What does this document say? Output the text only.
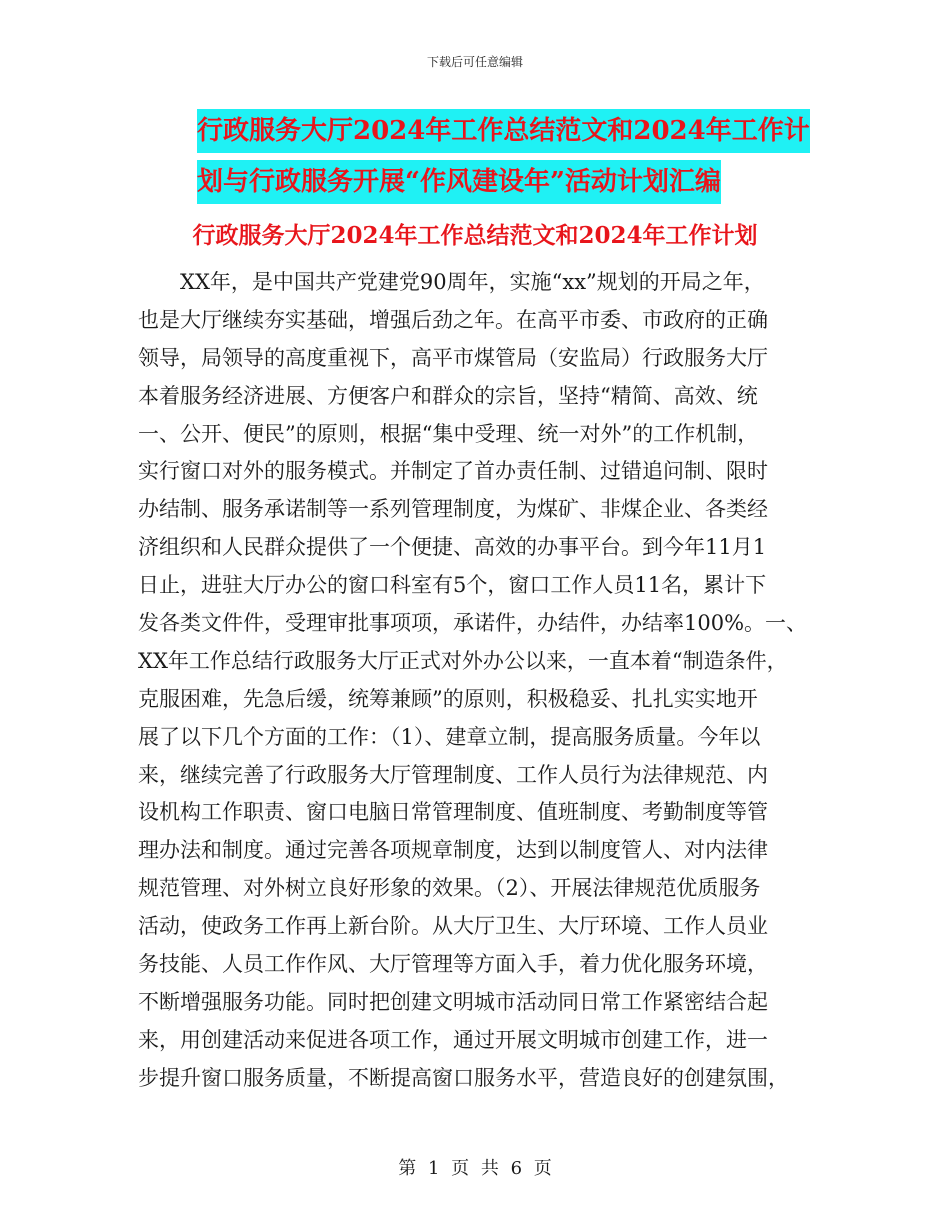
下载后可任意编辑
行政服务大厅2024年工作总结范文和2024年工作计
划与行政服务开展“作风建设年”活动计划汇编
行政服务大厅2024年工作总结范文和2024年工作计划
　　XX年，是中国共产党建党90周年，实施“xx”规划的开局之年，
也是大厅继续夯实基础，增强后劲之年。在高平市委、市政府的正确
领导，局领导的高度重视下，高平市煤管局（安监局）行政服务大厅
本着服务经济进展、方便客户和群众的宗旨，坚持“精简、高效、统
一、公开、便民”的原则，根据“集中受理、统一对外”的工作机制，
实行窗口对外的服务模式。并制定了首办责任制、过错追问制、限时
办结制、服务承诺制等一系列管理制度，为煤矿、非煤企业、各类经
济组织和人民群众提供了一个便捷、高效的办事平台。到今年11月1
日止，进驻大厅办公的窗口科室有5个，窗口工作人员11名，累计下
发各类文件件，受理审批事项项，承诺件，办结件，办结率100%。一、
XX年工作总结行政服务大厅正式对外办公以来，一直本着“制造条件，
克服困难，先急后缓，统筹兼顾”的原则，积极稳妥、扎扎实实地开
展了以下几个方面的工作：（1）、建章立制，提高服务质量。今年以
来，继续完善了行政服务大厅管理制度、工作人员行为法律规范、内
设机构工作职责、窗口电脑日常管理制度、值班制度、考勤制度等管
理办法和制度。通过完善各项规章制度，达到以制度管人、对内法律
规范管理、对外树立良好形象的效果。（2）、开展法律规范优质服务
活动，使政务工作再上新台阶。从大厅卫生、大厅环境、工作人员业
务技能、人员工作作风、大厅管理等方面入手，着力优化服务环境，
不断增强服务功能。同时把创建文明城市活动同日常工作紧密结合起
来，用创建活动来促进各项工作，通过开展文明城市创建工作，进一
步提升窗口服务质量，不断提高窗口服务水平，营造良好的创建氛围，
第 1 页 共 6 页
